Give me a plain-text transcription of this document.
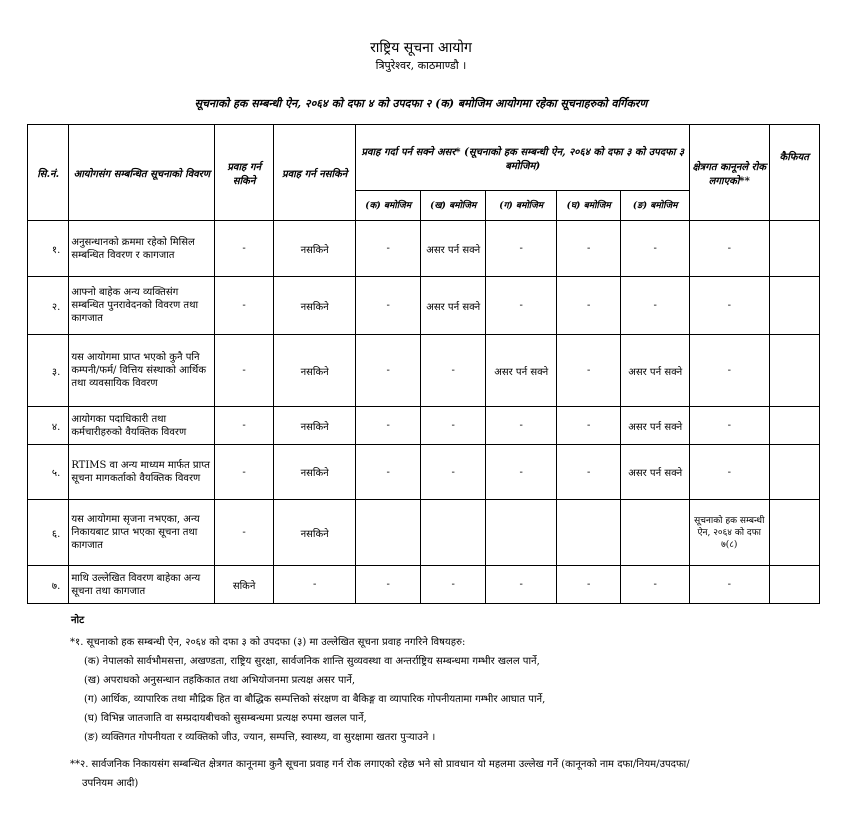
राष्ट्रिय सूचना आयोग
त्रिपुरेश्वर, काठमाण्डौ ।
सूचनाको हक सम्बन्धी ऐन, २०६४ को दफा ४ को उपदफा २ (क) बमोजिम आयोगमा रहेका सूचनाहरुको वर्गिकरण
सि.नं.	आयोगसंग सम्बन्धित सूचनाको विवरण	प्रवाह गर्न सकिने	प्रवाह गर्न नसकिने	प्रवाह गर्दा पर्न सक्ने असर* (सूचनाको हक सम्बन्धी ऐन, २०६४ को दफा ३ को उपदफा ३ बमोजिम)					क्षेत्रगत कानूनले रोक लगाएको**	कैफियत
				(क) बमोजिम	(ख) बमोजिम	(ग) बमोजिम	(घ) बमोजिम	(ङ) बमोजिम		
१.	अनुसन्धानको क्रममा रहेको मिसिल सम्बन्धित विवरण र कागजात	-	नसकिने	-	असर पर्न सक्ने	-	-	-	-	
२.	आफ्नो बाहेक अन्य व्यक्तिसंग सम्बन्धित पुनरावेदनको विवरण तथा कागजात	-	नसकिने	-	असर पर्न सक्ने	-	-	-	-	
३.	यस आयोगमा प्राप्त भएको कुनै पनि कम्पनी/फर्म/ वित्तिय संस्थाको आर्थिक तथा व्यवसायिक विवरण	-	नसकिने	-	-	असर पर्न सक्ने	-	असर पर्न सक्ने	-	
४.	आयोगका पदाधिकारी तथा कर्मचारीहरुको वैयक्तिक विवरण	-	नसकिने	-	-	-	-	असर पर्न सक्ने	-	
५.	RTIMS वा अन्य माध्यम मार्फत प्राप्त सूचना मागकर्ताको वैयक्तिक विवरण	-	नसकिने	-	-	-	-	असर पर्न सक्ने	-	
६.	यस आयोगमा सृजना नभएका, अन्य निकायबाट प्राप्त भएका सूचना तथा कागजात	-	नसकिने						सूचनाको हक सम्बन्धी ऐन, २०६४ को दफा ७(८)	
७.	माथि उल्लेखित विवरण बाहेका अन्य सूचना तथा कागजात	सकिने	-	-	-	-	-	-	-	
नोट
*१. सूचनाको हक सम्बन्धी ऐन, २०६४ को दफा ३ को उपदफा (३) मा उल्लेखित सूचना प्रवाह नगरिने विषयहरु:
(क) नेपालको सार्वभौमसत्ता, अखण्डता, राष्ट्रिय सुरक्षा, सार्वजनिक शान्ति सुव्यवस्था वा अन्तर्राष्ट्रिय सम्बन्धमा गम्भीर खलल पार्ने,
(ख) अपराधको अनुसन्धान तहकिकात तथा अभियोजनमा प्रत्यक्ष असर पार्ने,
(ग) आर्थिक, व्यापारिक तथा मौद्रिक हित वा बौद्धिक सम्पत्तिको संरक्षण वा बैकिङ्ग वा व्यापारिक गोपनीयतामा गम्भीर आघात पार्ने,
(घ) विभिन्न जातजाति वा सम्प्रदायबीचको सुसम्बन्धमा प्रत्यक्ष रुपमा खलल पार्ने,
(ङ) व्यक्तिगत गोपनीयता र व्यक्तिको जीउ, ज्यान, सम्पत्ति, स्वास्थ्य, वा सुरक्षामा खतरा पुऱ्याउने ।
**२. सार्वजनिक निकायसंग सम्बन्धित क्षेत्रगत कानूनमा कुनै सूचना प्रवाह गर्न रोक लगाएको रहेछ भने सो प्रावधान यो महलमा उल्लेख गर्ने (कानूनको नाम दफा/नियम/उपदफा/
उपनियम आदी)
